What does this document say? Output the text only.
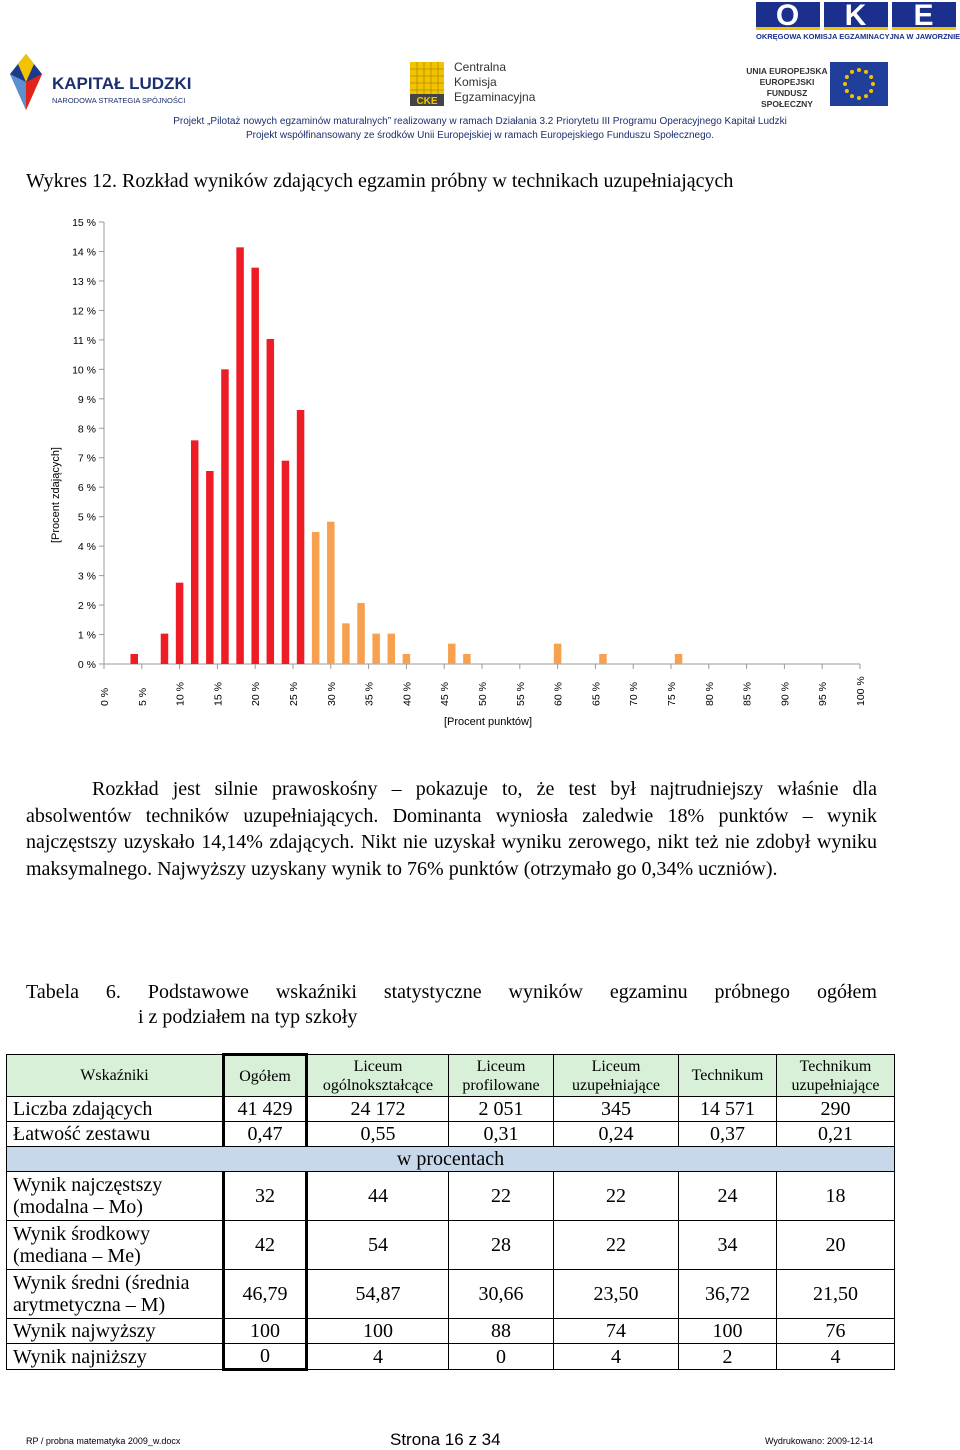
O	K	E
OKRĘGOWA KOMISJA EGZAMINACYJNA W JAWORZNIE
KAPITAŁ LUDZKI
NARODOWA STRATEGIA SPÓJNOŚCI	CKE
Centralna
Komisja
Egzaminacyjna
UNIA EUROPEJSKA
EUROPEJSKI
FUNDUSZ SPOŁECZNY
Projekt „Pilotaż nowych egzaminów maturalnych” realizowany w ramach Działania 3.2 Priorytetu III Programu Operacyjnego Kapitał Ludzki
Projekt współfinansowany ze środków Unii Europejskiej w ramach Europejskiego Funduszu Społecznego.
Wykres 12. Rozkład wyników zdających egzamin próbny w technikach uzupełniających
0 %
1 %
2 %
3 %
4 %
5 %
6 %
7 %
8 %
9 %
10 %
11 %
12 %
13 %
14 %
15 %
0 % 5 % 10 % 15 % 20 % 25 % 30 % 35 % 40 % 45 % 50 % 55 % 60 % 65 % 70 % 75 % 80 % 85 % 90 % 95 % 100 %
[Procent zdających]
[Procent punktów]
Rozkład jest silnie prawoskośny – pokazuje to, że test był najtrudniejszy właśnie dla absolwentów techników uzupełniających. Dominanta wyniosła zaledwie 18% punktów – wynik najczęstszy uzyskało 14,14% zdających. Nikt nie uzyskał wyniku zerowego, nikt też nie zdobył wyniku maksymalnego. Najwyższy uzyskany wynik to 76% punktów (otrzymało go 0,34% uczniów).
Tabela 6. Podstawowe wskaźniki statystyczne wyników egzaminu próbnego ogółem
i z podziałem na typ szkoły
Wskaźniki	Ogółem	Liceum ogólnokształcące	Liceum profilowane	Liceum uzupełniające	Technikum	Technikum uzupełniające
Liczba zdających	41 429	24 172	2 051	345	14 571	290
Łatwość zestawu	0,47	0,55	0,31	0,24	0,37	0,21
w procentach						
Wynik najczęstszy (modalna – Mo)	32	44	22	22	24	18
Wynik środkowy (mediana – Me)	42	54	28	22	34	20
Wynik średni (średnia arytmetyczna – M)	46,79	54,87	30,66	23,50	36,72	21,50
Wynik najwyższy	100	100	88	74	100	76
Wynik najniższy	0	4	0	4	2	4
RP / probna matematyka 2009_w.docx	Strona 16 z 34	Wydrukowano: 2009-12-14
